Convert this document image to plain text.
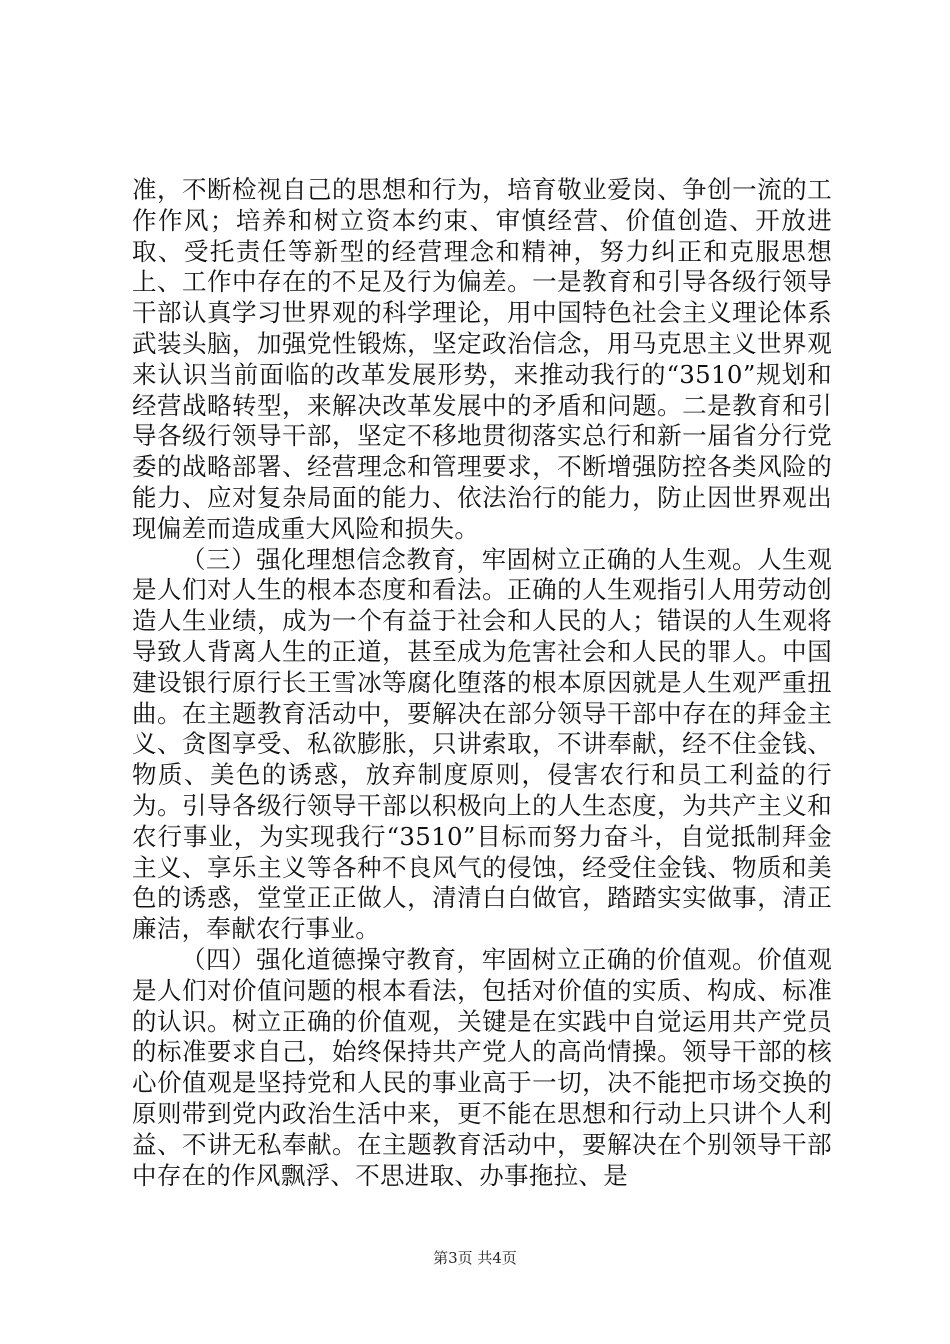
准，不断检视自己的思想和行为，培育敬业爱岗、争创一流的工作作风；培养和树立资本约束、审慎经营、价值创造、开放进取、受托责任等新型的经营理念和精神，努力纠正和克服思想上、工作中存在的不足及行为偏差。一是教育和引导各级行领导干部认真学习世界观的科学理论，用中国特色社会主义理论体系武装头脑，加强党性锻炼，坚定政治信念，用马克思主义世界观来认识当前面临的改革发展形势，来推动我行的“3510”规划和经营战略转型，来解决改革发展中的矛盾和问题。二是教育和引导各级行领导干部，坚定不移地贯彻落实总行和新一届省分行党委的战略部署、经营理念和管理要求，不断增强防控各类风险的能力、应对复杂局面的能力、依法治行的能力，防止因世界观出现偏差而造成重大风险和损失。

（三）强化理想信念教育，牢固树立正确的人生观。人生观是人们对人生的根本态度和看法。正确的人生观指引人用劳动创造人生业绩，成为一个有益于社会和人民的人；错误的人生观将导致人背离人生的正道，甚至成为危害社会和人民的罪人。中国建设银行原行长王雪冰等腐化堕落的根本原因就是人生观严重扭曲。在主题教育活动中，要解决在部分领导干部中存在的拜金主义、贪图享受、私欲膨胀，只讲索取，不讲奉献，经不住金钱、物质、美色的诱惑，放弃制度原则，侵害农行和员工利益的行为。引导各级行领导干部以积极向上的人生态度，为共产主义和农行事业，为实现我行“3510”目标而努力奋斗，自觉抵制拜金主义、享乐主义等各种不良风气的侵蚀，经受住金钱、物质和美色的诱惑，堂堂正正做人，清清白白做官，踏踏实实做事，清正廉洁，奉献农行事业。

（四）强化道德操守教育，牢固树立正确的价值观。价值观是人们对价值问题的根本看法，包括对价值的实质、构成、标准的认识。树立正确的价值观，关键是在实践中自觉运用共产党员的标准要求自己，始终保持共产党人的高尚情操。领导干部的核心价值观是坚持党和人民的事业高于一切，决不能把市场交换的原则带到党内政治生活中来，更不能在思想和行动上只讲个人利益、不讲无私奉献。在主题教育活动中，要解决在个别领导干部中存在的作风飘浮、不思进取、办事拖拉、是

第3页 共4页
